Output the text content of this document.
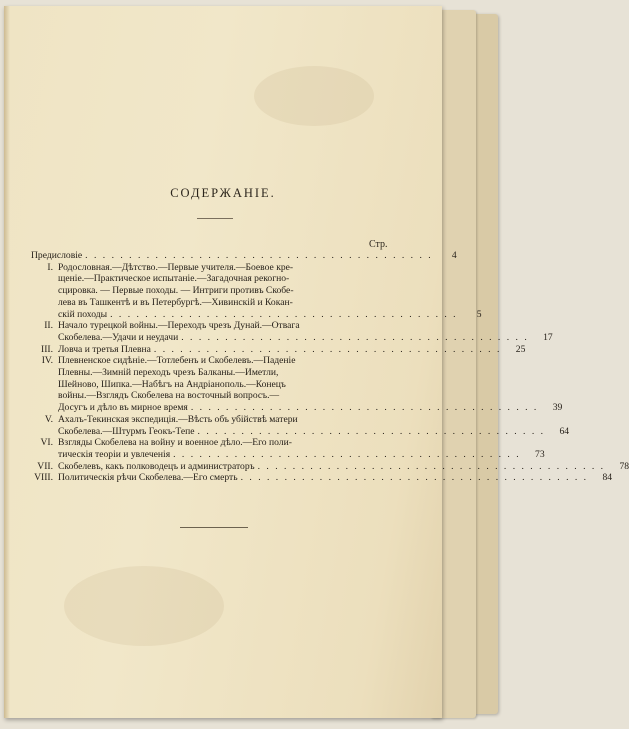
СОДЕРЖАНІЕ.
Стр.
Предисловіе . . . . . . . . . . . . . . . . . . . . . . . . . . . . . . . . . . . . . . . .	4
I. Родословная.—Дѣтство.—Первые учителя.—Боевое кре-
щеніе.—Практическое испытаніе.—Загадочная рекогно-
сцировка. — Первые походы. — Интриги противъ Скобе-
лева въ Ташкентѣ и въ Петербургѣ.—Хивинскій и Кокан-
скій походы . . . . . . . . . . . . . . . . . . . . . . . . . . . . . . . . . . . . . . . .	5
II. Начало турецкой войны.—Переходъ чрезъ Дунай.—Отвага
Скобелева.—Удачи и неудачи . . . . . . . . . . . . . . . . . . . . . . . . . . . . . . . . . . . . . . . .	17
III. Ловча и третья Плевна . . . . . . . . . . . . . . . . . . . . . . . . . . . . . . . . . . . . . . . .	25
IV. Плевненское сидѣніе.—Тотлебенъ и Скобелевъ.—Паденіе
Плевны.—Зимній переходъ чрезъ Балканы.—Иметли,
Шейново, Шипка.—Набѣгъ на Андріанополь.—Конецъ
войны.—Взглядъ Скобелева на восточный вопросъ.—
Досугъ и дѣло въ мирное время . . . . . . . . . . . . . . . . . . . . . . . . . . . . . . . . . . . . . . . .	39
V. Ахалъ-Текинская экспедиція.—Вѣсть объ убійствѣ матери
Скобелева.—Штурмъ Геокъ-Тепе . . . . . . . . . . . . . . . . . . . . . . . . . . . . . . . . . . . . . . . .	64
VI. Взгляды Скобелева на войну и военное дѣло.—Его поли-
тическія теоріи и увлеченія . . . . . . . . . . . . . . . . . . . . . . . . . . . . . . . . . . . . . . . .	73
VII. Скобелевъ, какъ полководецъ и администраторъ . . . . . . . . . . . . . . . . . . . . . . . . . . . . . . . . . . . . . . . .	78
VIII. Политическія рѣчи Скобелева.—Его смерть . . . . . . . . . . . . . . . . . . . . . . . . . . . . . . . . . . . . . . . .	84
